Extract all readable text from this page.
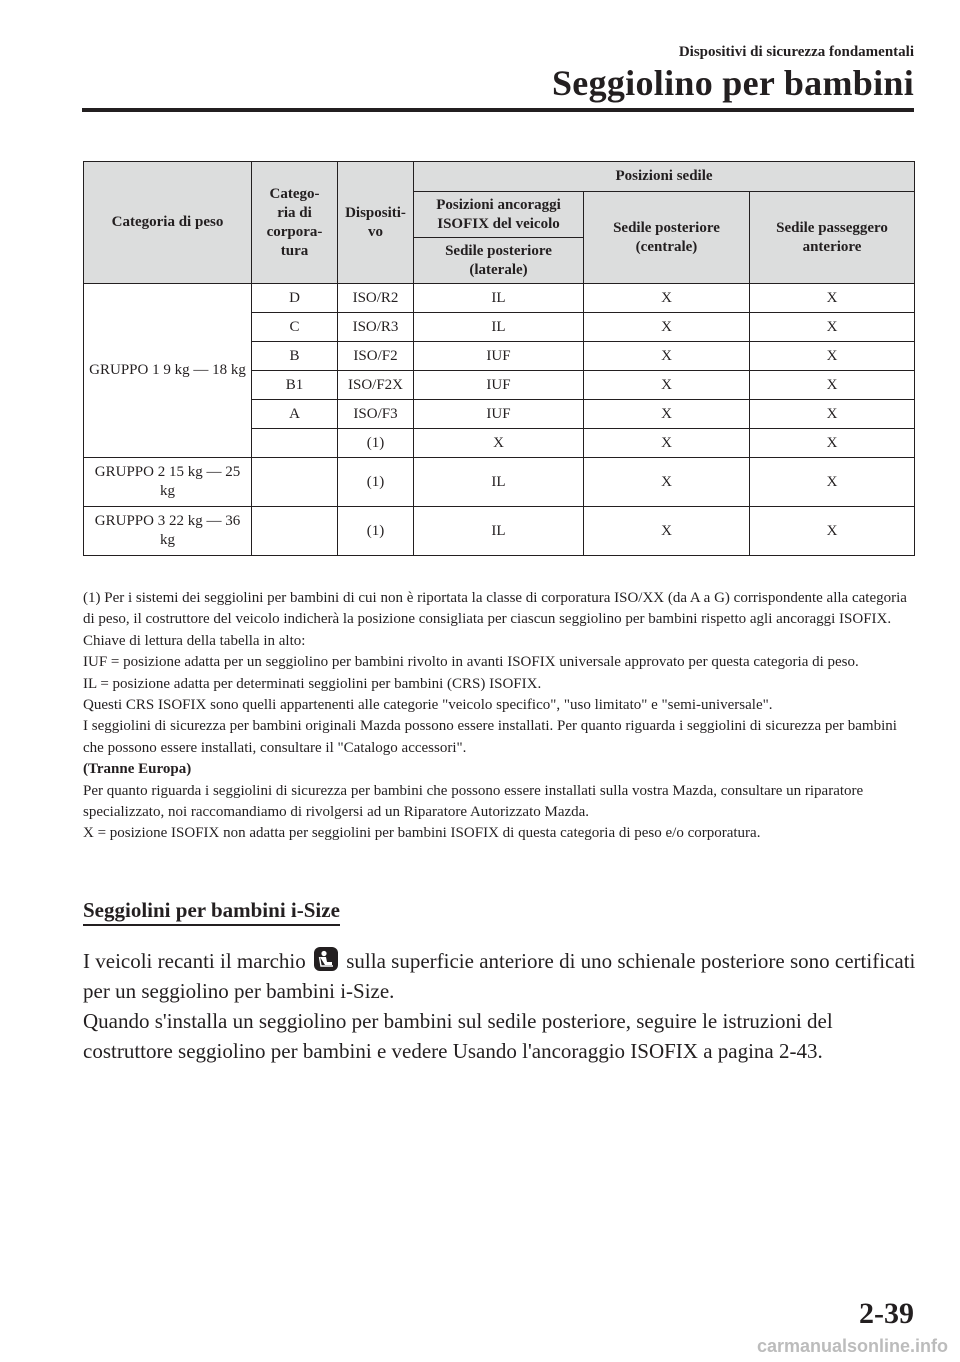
Dispositivi di sicurezza fondamentali
Seggiolino per bambini
Categoria di peso	Catego-
ria di
corpora-
tura	Dispositi-
vo	Posizioni sedile		
			Posizioni ancoraggi ISOFIX del veicolo	Sedile posteriore (centrale)	Sedile passeggero anteriore
			Sedile posteriore (laterale)		
GRUPPO 1 9 kg ― 18 kg	D	ISO/R2	IL	X	X
	C	ISO/R3	IL	X	X
	B	ISO/F2	IUF	X	X
	B1	ISO/F2X	IUF	X	X
	A	ISO/F3	IUF	X	X
		(1)	X	X	X
GRUPPO 2 15 kg ― 25 kg		(1)	IL	X	X
GRUPPO 3 22 kg ― 36 kg		(1)	IL	X	X

(1) Per i sistemi dei seggiolini per bambini di cui non è riportata la classe di corporatura ISO/XX (da A a G) corrispondente alla categoria di peso, il costruttore del veicolo indicherà la posizione consigliata per ciascun seggiolino per bambini rispetto agli ancoraggi ISOFIX.

Chiave di lettura della tabella in alto:

IUF = posizione adatta per un seggiolino per bambini rivolto in avanti ISOFIX universale approvato per questa categoria di peso.

IL = posizione adatta per determinati seggiolini per bambini (CRS) ISOFIX.

Questi CRS ISOFIX sono quelli appartenenti alle categorie "veicolo specifico", "uso limitato" e "semi-universale".

I seggiolini di sicurezza per bambini originali Mazda possono essere installati. Per quanto riguarda i seggiolini di sicurezza per bambini che possono essere installati, consultare il "Catalogo accessori".

(Tranne Europa)

Per quanto riguarda i seggiolini di sicurezza per bambini che possono essere installati sulla vostra Mazda, consultare un riparatore specializzato, noi raccomandiamo di rivolgersi ad un Riparatore Autorizzato Mazda.

X = posizione ISOFIX non adatta per seggiolini per bambini ISOFIX di questa categoria di peso e/o corporatura.

Seggiolini per bambini i-Size

I veicoli recanti il marchio  sulla superficie anteriore di uno schienale posteriore sono certificati per un seggiolino per bambini i-Size.

Quando s'installa un seggiolino per bambini sul sedile posteriore, seguire le istruzioni del costruttore seggiolino per bambini e vedere Usando l'ancoraggio ISOFIX a pagina 2-43.

2-39
carmanualsonline.info
